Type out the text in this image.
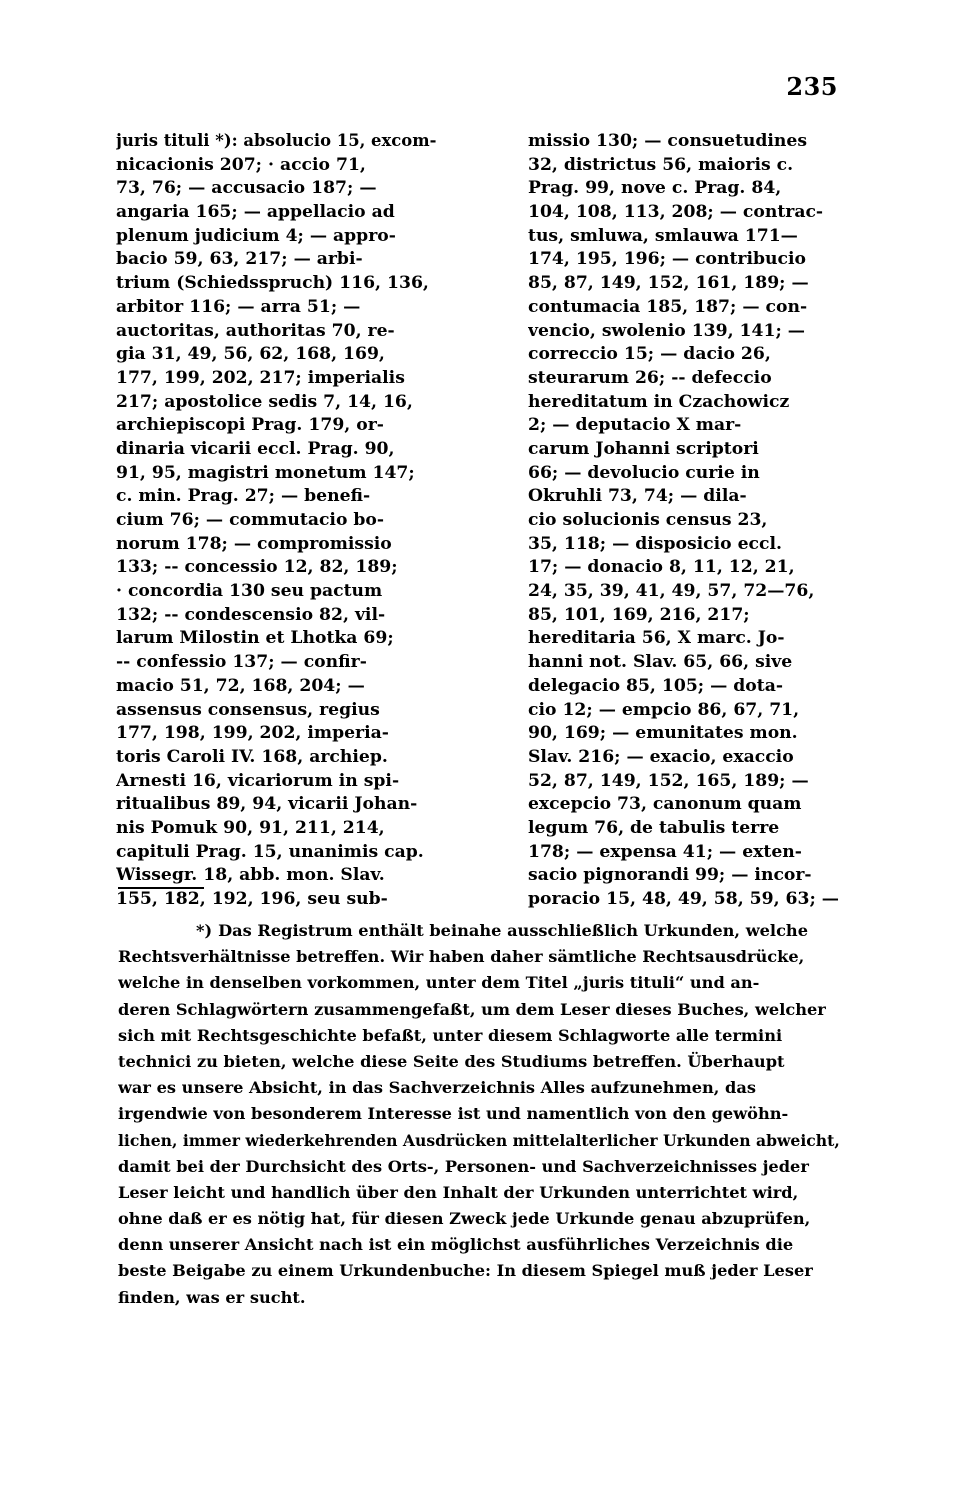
235
juris tituli *): absolucio 15, excom-
nicacionis 207; · accio 71,
73, 76; — accusacio 187; —
angaria 165; — appellacio ad
plenum judicium 4; — appro-
bacio 59, 63, 217; — arbi-
trium (Schiedsspruch) 116, 136,
arbitor 116; — arra 51; —
auctoritas, authoritas 70, re-
gia 31, 49, 56, 62, 168, 169,
177, 199, 202, 217; imperialis
217; apostolice sedis 7, 14, 16,
archiepiscopi Prag. 179, or-
dinaria vicarii eccl. Prag. 90,
91, 95, magistri monetum 147;
c. min. Prag. 27; — benefi-
cium 76; — commutacio bo-
norum 178; — compromissio
133; -- concessio 12, 82, 189;
· concordia 130 seu pactum
132; -- condescensio 82, vil-
larum Milostin et Lhotka 69;
-- confessio 137; — confir-
macio 51, 72, 168, 204; —
assensus consensus, regius
177, 198, 199, 202, imperia-
toris Caroli IV. 168, archiep.
Arnesti 16, vicariorum in spi-
ritualibus 89, 94, vicarii Johan-
nis Pomuk 90, 91, 211, 214,
capituli Prag. 15, unanimis cap.
Wissegr. 18, abb. mon. Slav.
155, 182, 192, 196, seu sub-
missio 130; — consuetudines
32, districtus 56, maioris c.
Prag. 99, nove c. Prag. 84,
104, 108, 113, 208; — contrac-
tus, smluwa, smlauwa 171—
174, 195, 196; — contribucio
85, 87, 149, 152, 161, 189; —
contumacia 185, 187; — con-
vencio, swolenio 139, 141; —
correccio 15; — dacio 26,
steurarum 26; -- defeccio
hereditatum in Czachowicz
2; — deputacio X mar-
carum Johanni scriptori
66; — devolucio curie in
Okruhli 73, 74; — dila-
cio solucionis census 23,
35, 118; — disposicio eccl.
17; — donacio 8, 11, 12, 21,
24, 35, 39, 41, 49, 57, 72—76,
85, 101, 169, 216, 217;
hereditaria 56, X marc. Jo-
hanni not. Slav. 65, 66, sive
delegacio 85, 105; — dota-
cio 12; — empcio 86, 67, 71,
90, 169; — emunitates mon.
Slav. 216; — exacio, exaccio
52, 87, 149, 152, 165, 189; —
excepcio 73, canonum quam
legum 76, de tabulis terre
178; — expensa 41; — exten-
sacio pignorandi 99; — incor-
poracio 15, 48, 49, 58, 59, 63; —
*) Das Registrum enthält beinahe ausschließlich Urkunden, welche
Rechtsverhältnisse betreffen. Wir haben daher sämtliche Rechtsausdrücke,
welche in denselben vorkommen, unter dem Titel „juris tituli“ und an-
deren Schlagwörtern zusammengefaßt, um dem Leser dieses Buches, welcher
sich mit Rechtsgeschichte befaßt, unter diesem Schlagworte alle termini
technici zu bieten, welche diese Seite des Studiums betreffen. Überhaupt
war es unsere Absicht, in das Sachverzeichnis Alles aufzunehmen, das
irgendwie von besonderem Interesse ist und namentlich von den gewöhn-
lichen, immer wiederkehrenden Ausdrücken mittelalterlicher Urkunden abweicht,
damit bei der Durchsicht des Orts-, Personen- und Sachverzeichnisses jeder
Leser leicht und handlich über den Inhalt der Urkunden unterrichtet wird,
ohne daß er es nötig hat, für diesen Zweck jede Urkunde genau abzuprüfen,
denn unserer Ansicht nach ist ein möglichst ausführliches Verzeichnis die
beste Beigabe zu einem Urkundenbuche: In diesem Spiegel muß jeder Leser
finden, was er sucht.
